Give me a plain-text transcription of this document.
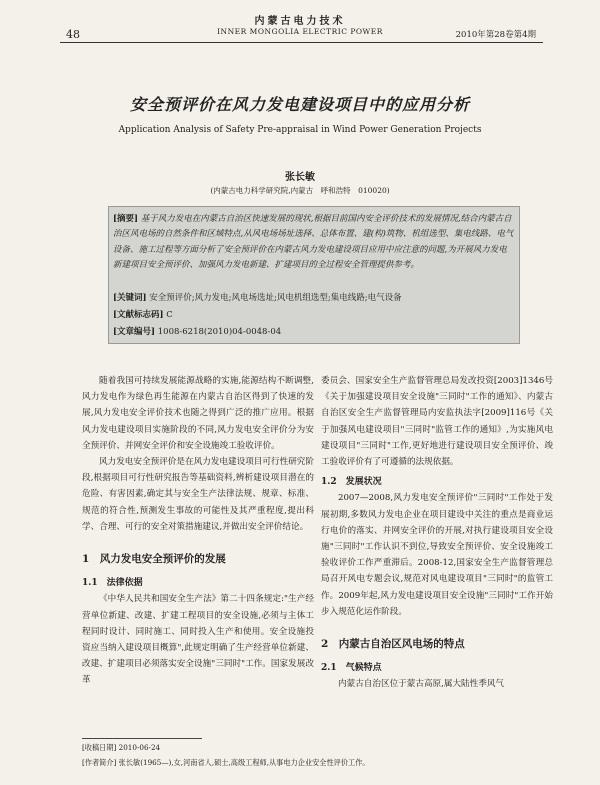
48
内蒙古电力技术
INNER MONGOLIA ELECTRIC POWER	2010年第28卷第4期
安全预评价在风力发电建设项目中的应用分析
Application Analysis of Safety Pre-appraisal in Wind Power Generation Projects
张长敏
(内蒙古电力科学研究院,内蒙古　呼和浩特　010020)
[摘要] 基于风力发电在内蒙古自治区快速发展的现状,根据目前国内安全评价技术的发展情况,结合内蒙古自治区风电场的自然条件和区域特点,从风电场场址选择、总体布置、建(构)筑物、机组选型、集电线路、电气设备、施工过程等方面分析了安全预评价在内蒙古风力发电建设项目应用中应注意的问题,为开展风力发电新建项目安全预评价、加强风力发电新建、扩建项目的全过程安全管理提供参考。
[关键词] 安全预评价;风力发电;风电场选址;风电机组选型;集电线路;电气设备
[文献标志码] C
[文章编号] 1008-6218(2010)04-0048-04

随着我国可持续发展能源战略的实施,能源结构不断调整,风力发电作为绿色再生能源在内蒙古自治区得到了快速的发展,风力发电安全评价技术也随之得到广泛的推广应用。根据风力发电建设项目实施阶段的不同,风力发电安全评价分为安全预评价、并网安全评价和安全设施竣工验收评价。

风力发电安全预评价是在风力发电建设项目可行性研究阶段,根据项目可行性研究报告等基础资料,辨析建设项目潜在的危险、有害因素,确定其与安全生产法律法规、规章、标准、规范的符合性,预测发生事故的可能性及其严重程度,提出科学、合理、可行的安全对策措施建议,并做出安全评价结论。

1　风力发电安全预评价的发展
1.1　法律依据

《中华人民共和国安全生产法》第二十四条规定:"生产经营单位新建、改建、扩建工程项目的安全设施,必须与主体工程同时设计、同时施工、同时投入生产和使用。安全设施投资应当纳入建设项目概算",此规定明确了生产经营单位新建、改建、扩建项目必须落实安全设施"三同时"工作。国家发展改革

委员会、国家安全生产监督管理总局发改投资[2003]1346号《关于加强建设项目安全设施"三同时"工作的通知》、内蒙古自治区安全生产监督管理局内安监执法字[2009]116号《关于加强风电建设项目"三同时"监管工作的通知》,为实施风电建设项目"三同时"工作,更好地进行建设项目安全预评价、竣工验收评价有了可遵循的法规依据。

1.2　发展状况

2007—2008,风力发电安全预评价"三同时"工作处于发展初期,多数风力发电企业在项目建设中关注的重点是商业运行电价的落实、并网安全评价的开展,对执行建设项目安全设施"三同时"工作认识不到位,导致安全预评价、安全设施竣工验收评价工作严重滞后。2008-12,国家安全生产监督管理总局召开风电专题会议,规范对风电建设项目"三同时"的监管工作。2009年起,风力发电建设项目安全设施"三同时"工作开始步入规范化运作阶段。

2　内蒙古自治区风电场的特点
2.1　气候特点

内蒙古自治区位于蒙古高原,属大陆性季风气

[收稿日期] 2010-06-24
[作者简介] 张长敏(1965—),女,河南省人,硕士,高级工程师,从事电力企业安全性评价工作。
